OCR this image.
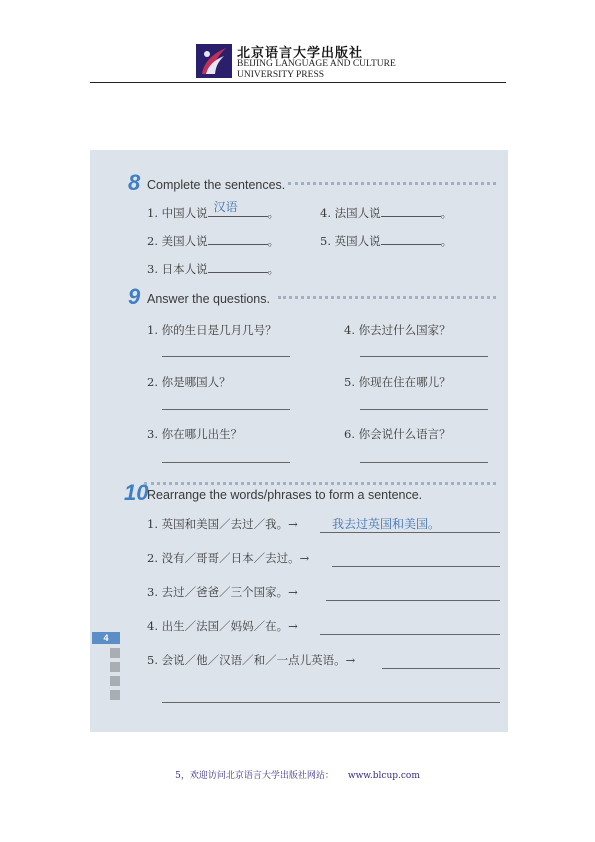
北京语言大学出版社
BEIJING LANGUAGE AND CULTURE
UNIVERSITY PRESS
8 Complete the sentences.
1. 中国人说 汉语	。
2. 美国人说	。
3. 日本人说	。
4. 法国人说	。
5. 英国人说	。
9 Answer the questions.
1. 你的生日是几月几号？
2. 你是哪国人？
3. 你在哪儿出生？
4. 你去过什么国家？
5. 你现在住在哪儿？
6. 你会说什么语言？
10
Rearrange the words/phrases to form a sentence.
1. 英国和美国／去过／我。→	我去过英国和美国。
2. 没有／哥哥／日本／去过。→
3. 去过／爸爸／三个国家。→
4. 出生／法国／妈妈／在。→
5. 会说／他／汉语／和／一点儿英语。→
4
5，欢迎访问北京语言大学出版社网站： www.blcup.com
